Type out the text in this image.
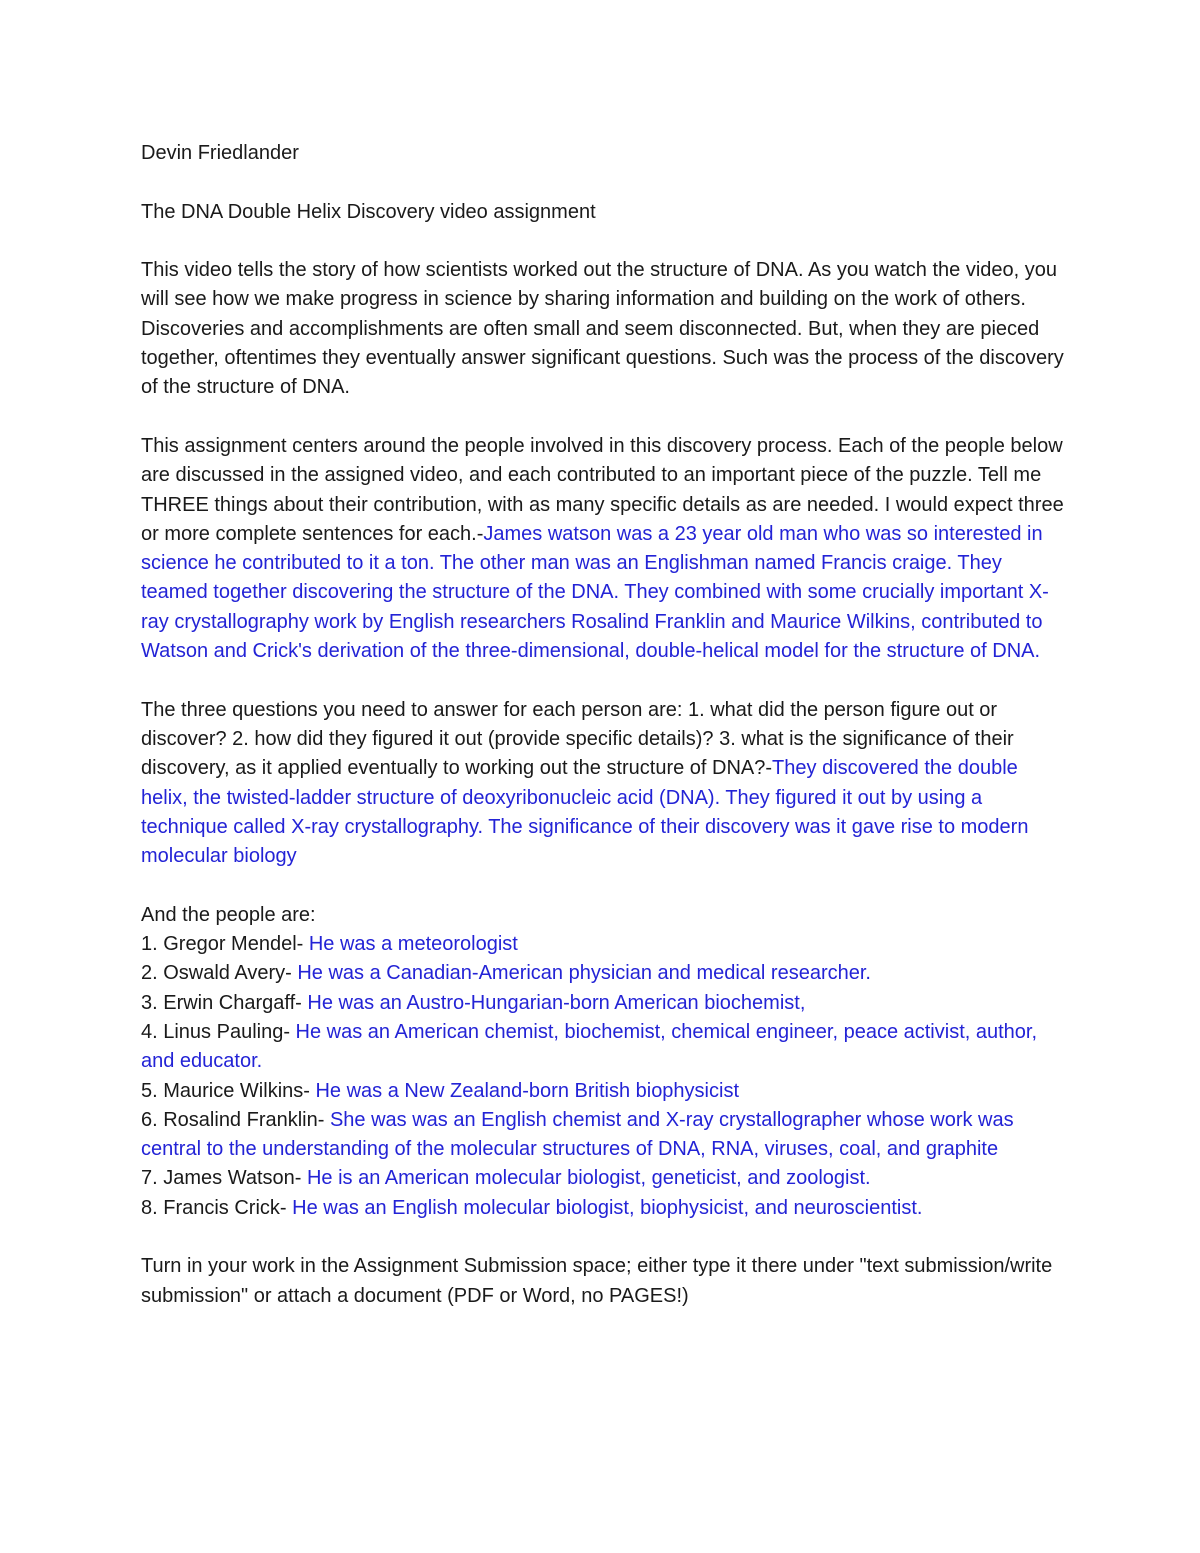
Devin Friedlander

The DNA Double Helix Discovery video assignment

This video tells the story of how scientists worked out the structure of DNA. As you watch the video, you will see how we make progress in science by sharing information and building on the work of others. Discoveries and accomplishments are often small and seem disconnected. But, when they are pieced together, oftentimes they eventually answer significant questions. Such was the process of the discovery of the structure of DNA.

This assignment centers around the people involved in this discovery process. Each of the people below are discussed in the assigned video, and each contributed to an important piece of the puzzle. Tell me THREE things about their contribution, with as many specific details as are needed. I would expect three or more complete sentences for each.-James watson was a 23 year old man who was so interested in science he contributed to it a ton. The other man was an Englishman named Francis craige. They teamed together discovering the structure of the DNA. They combined with some crucially important X-ray crystallography work by English researchers Rosalind Franklin and Maurice Wilkins, contributed to Watson and Crick's derivation of the three-dimensional, double-helical model for the structure of DNA.

The three questions you need to answer for each person are: 1. what did the person figure out or discover? 2. how did they figured it out (provide specific details)? 3. what is the significance of their discovery, as it applied eventually to working out the structure of DNA?-They discovered the double helix, the twisted-ladder structure of deoxyribonucleic acid (DNA). They figured it out by using a technique called X-ray crystallography. The significance of their discovery was it gave rise to modern molecular biology

And the people are:
1. Gregor Mendel- He was a meteorologist
2. Oswald Avery- He was a Canadian-American physician and medical researcher.
3. Erwin Chargaff- He was an Austro-Hungarian-born American biochemist,
4. Linus Pauling- He was an American chemist, biochemist, chemical engineer, peace activist, author, and educator.
5. Maurice Wilkins- He was a New Zealand-born British biophysicist
6. Rosalind Franklin- She was was an English chemist and X-ray crystallographer whose work was central to the understanding of the molecular structures of DNA, RNA, viruses, coal, and graphite
7. James Watson- He is an American molecular biologist, geneticist, and zoologist.
8. Francis Crick- He was an English molecular biologist, biophysicist, and neuroscientist.

Turn in your work in the Assignment Submission space; either type it there under "text submission/write submission" or attach a document (PDF or Word, no PAGES!)
